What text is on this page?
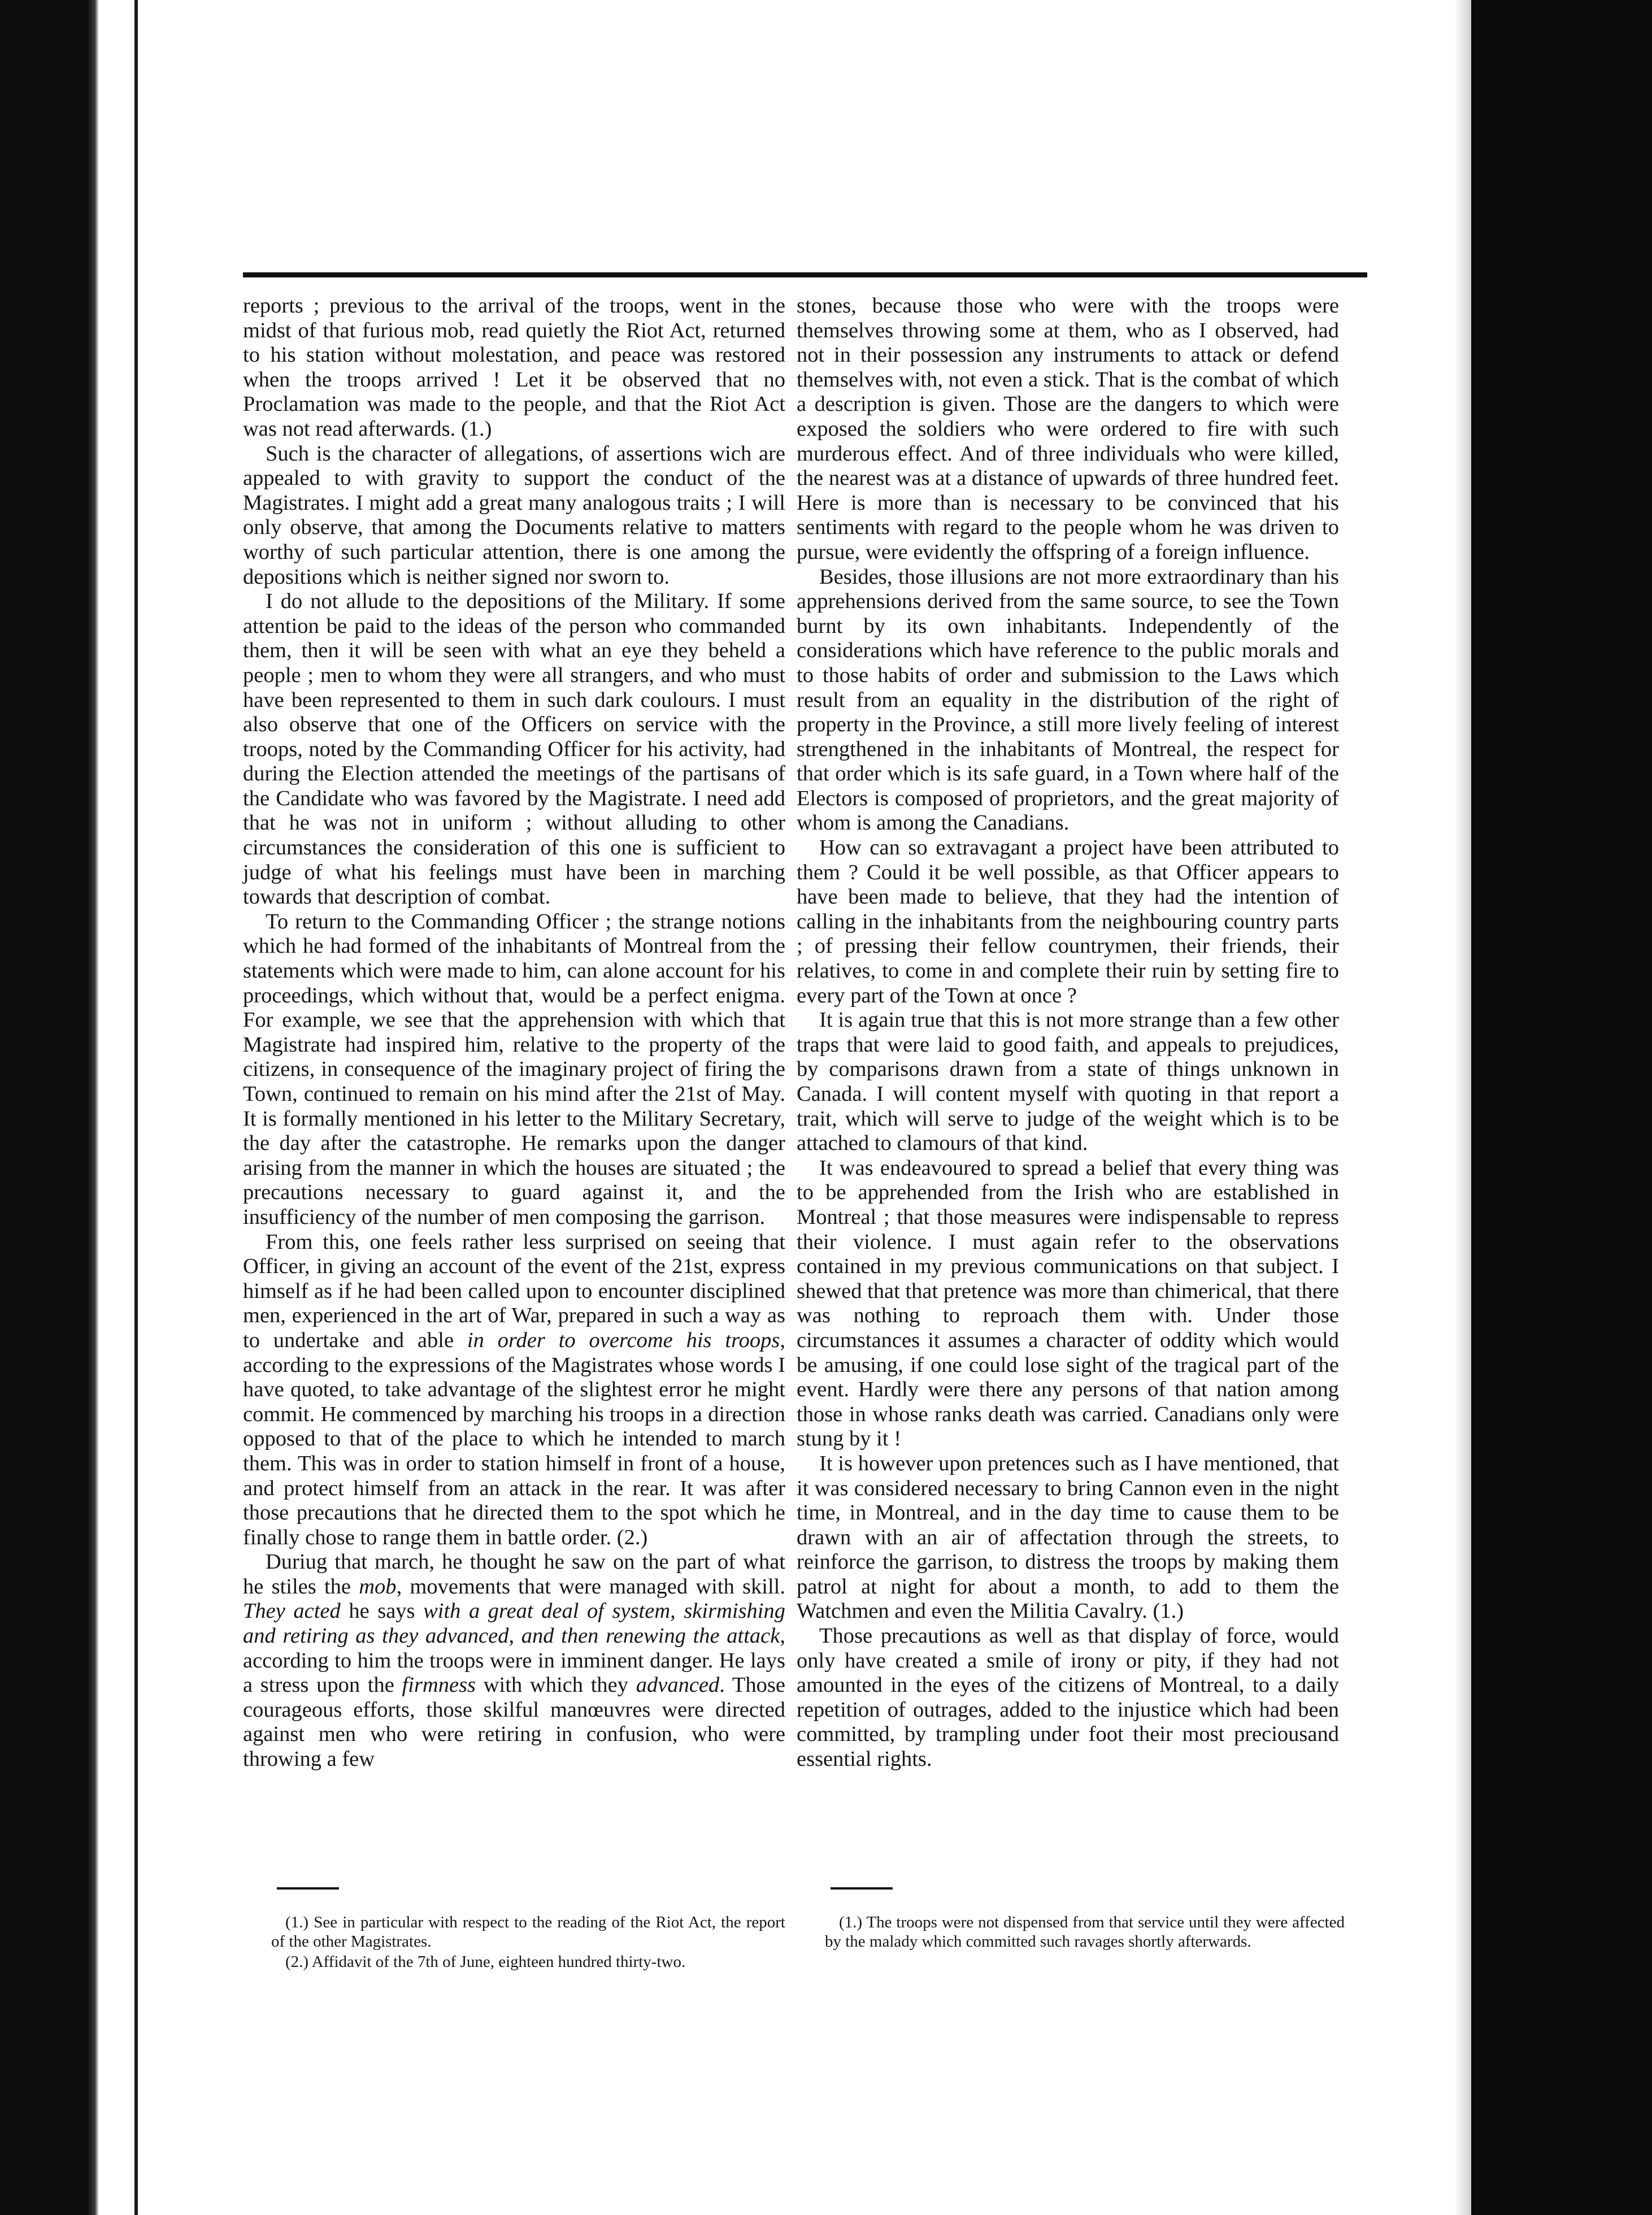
reports ; previous to the arrival of the troops, went in the midst of that furious mob, read quietly the Riot Act, returned to his station without molestation, and peace was restored when the troops arrived ! Let it be observed that no Proclamation was made to the people, and that the Riot Act was not read afterwards. (1.)

Such is the character of allegations, of assertions wich are appealed to with gravity to support the conduct of the Magistrates. I might add a great many analogous traits ; I will only observe, that among the Documents relative to matters worthy of such particular attention, there is one among the depositions which is neither signed nor sworn to.

I do not allude to the depositions of the Military. If some attention be paid to the ideas of the person who commanded them, then it will be seen with what an eye they beheld a people ; men to whom they were all strangers, and who must have been represented to them in such dark coulours. I must also observe that one of the Officers on service with the troops, noted by the Commanding Officer for his activity, had during the Election attended the meetings of the partisans of the Candidate who was favored by the Magistrate. I need add that he was not in uniform ; without alluding to other circumstances the consideration of this one is sufficient to judge of what his feelings must have been in marching towards that description of combat.

To return to the Commanding Officer ; the strange notions which he had formed of the inhabitants of Montreal from the statements which were made to him, can alone account for his proceedings, which without that, would be a perfect enigma. For example, we see that the apprehension with which that Magistrate had inspired him, relative to the property of the citizens, in consequence of the imaginary project of firing the Town, continued to remain on his mind after the 21st of May. It is formally mentioned in his letter to the Military Secretary, the day after the catastrophe. He remarks upon the danger arising from the manner in which the houses are situated ; the precautions necessary to guard against it, and the insufficiency of the number of men composing the garrison.

From this, one feels rather less surprised on seeing that Officer, in giving an account of the event of the 21st, express himself as if he had been called upon to encounter disciplined men, experienced in the art of War, prepared in such a way as to undertake and able in order to overcome his troops, according to the expressions of the Magistrates whose words I have quoted, to take advantage of the slightest error he might commit. He commenced by marching his troops in a direction opposed to that of the place to which he intended to march them. This was in order to station himself in front of a house, and protect himself from an attack in the rear. It was after those precautions that he directed them to the spot which he finally chose to range them in battle order. (2.)

Durіug that march, he thought he saw on the part of what he stiles the mob, movements that were managed with skill. They acted he says with a great deal of system, skirmishing and retiring as they advanced, and then renewing the attack, according to him the troops were in imminent danger. He lays a stress upon the firmness with which they advanced. Those courageous efforts, those skilful manœuvres were directed against men who were retiring in confusion, who were throwing a few

stones, because those who were with the troops were themselves throwing some at them, who as I observed, had not in their possession any instruments to attack or defend themselves with, not even a stick. That is the combat of which a description is given. Those are the dangers to which were exposed the soldiers who were ordered to fire with such murderous effect. And of three individuals who were killed, the nearest was at a distance of upwards of three hundred feet. Here is more than is necessary to be convinced that his sentiments with regard to the people whom he was driven to pursue, were evidently the offspring of a foreign influence.

Besides, those illusions are not more extraordinary than his apprehensions derived from the same source, to see the Town burnt by its own inhabitants. Independently of the considerations which have reference to the public morals and to those habits of order and submission to the Laws which result from an equality in the distribution of the right of property in the Province, a still more lively feeling of interest strengthened in the inhabitants of Montreal, the respect for that order which is its safe guard, in a Town where half of the Electors is composed of proprietors, and the great majority of whom is among the Canadians.

How can so extravagant a project have been attributed to them ? Could it be well possible, as that Officer appears to have been made to believe, that they had the intention of calling in the inhabitants from the neighbouring country parts ; of pressing their fellow countrymen, their friends, their relatives, to come in and complete their ruin by setting fire to every part of the Town at once ?

It is again true that this is not more strange than a few other traps that were laid to good faith, and appeals to prejudices, by comparisons drawn from a state of things unknown in Canada. I will content myself with quoting in that report a trait, which will serve to judge of the weight which is to be attached to clamours of that kind.

It was endeavoured to spread a belief that every thing was to be apprehended from the Irish who are established in Montreal ; that those measures were indispensable to repress their violence. I must again refer to the observations contained in my previous communications on that subject. I shewed that that pretence was more than chimerical, that there was nothing to reproach them with. Under those circumstances it assumes a character of oddity which would be amusing, if one could lose sight of the tragical part of the event. Hardly were there any persons of that nation among those in whose ranks death was carried. Canadians only were stung by it !

It is however upon pretences such as I have mentioned, that it was considered necessary to bring Cannon even in the night time, in Montreal, and in the day time to cause them to be drawn with an air of affectation through the streets, to reinforce the garrison, to distress the troops by making them patrol at night for about a month, to add to them the Watchmen and even the Militia Cavalry. (1.)

Those precautions as well as that display of force, would only have created a smile of irony or pity, if they had not amounted in the eyes of the citizens of Montreal, to a daily repetition of outrages, added to the injustice which had been committed, by trampling under foot their most preciousand essential rights.

(1.) See in particular with respect to the reading of the Riot Act, the report of the other Magistrates.

(2.) Affidavit of the 7th of June, eighteen hundred thirty-two.

(1.) The troops were not dispensed from that service until they were affected by the malady which committed such ravages shortly afterwards.
